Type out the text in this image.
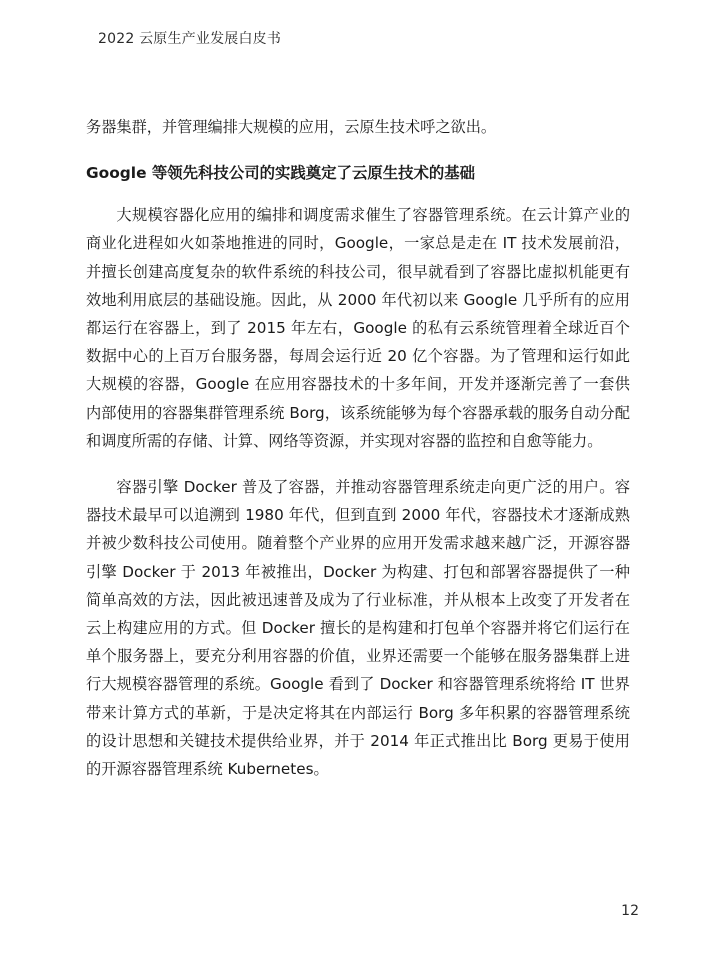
2022 云原生产业发展白皮书

务器集群，并管理编排大规模的应用，云原生技术呼之欲出。

Google 等领先科技公司的实践奠定了云原生技术的基础

大规模容器化应用的编排和调度需求催生了容器管理系统。在云计算产业的商业化进程如火如荼地推进的同时，Google，一家总是走在 IT 技术发展前沿，并擅长创建高度复杂的软件系统的科技公司，很早就看到了容器比虚拟机能更有效地利用底层的基础设施。因此，从 2000 年代初以来 Google 几乎所有的应用都运行在容器上，到了 2015 年左右，Google 的私有云系统管理着全球近百个数据中心的上百万台服务器，每周会运行近 20 亿个容器。为了管理和运行如此大规模的容器，Google 在应用容器技术的十多年间，开发并逐渐完善了一套供内部使用的容器集群管理系统 Borg，该系统能够为每个容器承载的服务自动分配和调度所需的存储、计算、网络等资源，并实现对容器的监控和自愈等能力。

容器引擎 Docker 普及了容器，并推动容器管理系统走向更广泛的用户。容器技术最早可以追溯到 1980 年代，但到直到 2000 年代，容器技术才逐渐成熟并被少数科技公司使用。随着整个产业界的应用开发需求越来越广泛，开源容器引擎 Docker 于 2013 年被推出，Docker 为构建、打包和部署容器提供了一种简单高效的方法，因此被迅速普及成为了行业标准，并从根本上改变了开发者在云上构建应用的方式。但 Docker 擅长的是构建和打包单个容器并将它们运行在单个服务器上，要充分利用容器的价值，业界还需要一个能够在服务器集群上进行大规模容器管理的系统。Google 看到了 Docker 和容器管理系统将给 IT 世界带来计算方式的革新，于是决定将其在内部运行 Borg 多年积累的容器管理系统的设计思想和关键技术提供给业界，并于 2014 年正式推出比 Borg 更易于使用的开源容器管理系统 Kubernetes。

12
